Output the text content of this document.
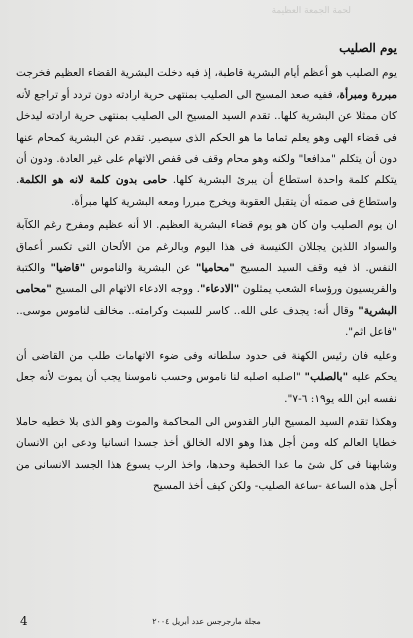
ﻟﺤﻤﺔ ﺍﻟﺠﻤﻌﺔ ﺍﻟﻌﻈﻴﻤﺔ
يوم الصليب

يوم الصليب هو أعظم أيام البشرية قاطبة، إذ فيه دخلت البشرية القضاء العظيم فخرجت مبررة ومبرأة، ففيه صعد المسيح الى الصليب بمنتهى حرية ارادته دون تردد أو تراجع لأنه كان ممثلا عن البشرية كلها.. تقدم السيد المسيح الى الصليب بمنتهى حرية ارادته ليدخل فى قضاء الهى وهو يعلم تماما ما هو الحكم الذى سيصير. تقدم عن البشرية كمحام عنها دون أن يتكلم "مدافعا" ولكنه وهو محام وقف فى قفص الاتهام على غير العادة. ودون أن يتكلم كلمة واحدة استطاع أن يبرئ البشرية كلها. حامى بدون كلمة لانه هو الكلمة. واستطاع فى صمته أن يتقبل العقوبة ويخرج مبررا ومعه البشرية كلها مبرأة.

ان يوم الصليب وان كان هو يوم قضاء البشرية العظيم. الا أنه عظيم ومفرح رغم الكآبة والسواد اللذين يجللان الكنيسة فى هذا اليوم وبالرغم من الألحان التى تكسر أعماق النفس. اذ فيه وقف السيد المسيح "محاميا" عن البشرية والناموس "قاضيا" والكتبة والفريسيون ورؤساء الشعب يمثلون "الادعاء". ووجه الادعاء الاتهام الى المسيح "محامى البشرية" وقال أنه: يجدف على الله.. كاسر للسبت وكرامته.. مخالف لناموس موسى.. "فاعل اثم".

وعليه فان رئيس الكهنة فى حدود سلطانه وفى ضوء الاتهامات طلب من القاضى أن يحكم عليه "بالصلب" "اصلبه اصلبه لنا ناموس وحسب ناموسنا يجب أن يموت لأنه جعل نفسه ابن الله يو١٩: ٦-٧".

وهكذا تقدم السيد المسيح البار القدوس الى المحاكمة والموت وهو الذى بلا خطيه حاملا خطايا العالم كله ومن أجل هذا وهو الاله الخالق أخذ جسدا انسانيا ودعى ابن الانسان وشابهنا فى كل شئ ما عدا الخطية وحدها، واخذ الرب يسوع هذا الجسد الانسانى من أجل هذه الساعة -ساعة الصليب- ولكن كيف أخذ المسيح

4	مجلة مارجرجس عدد أبريل ٢٠٠٤
